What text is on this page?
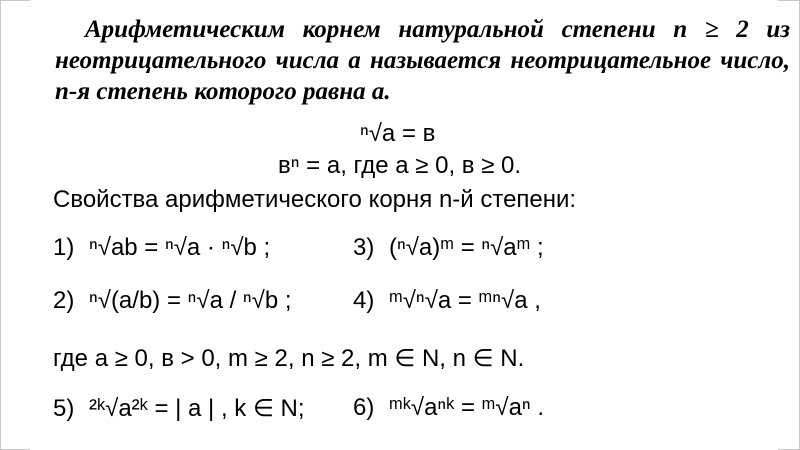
Арифметическим корнем натуральной степени n ≥ 2 из неотрицательного числа a называется неотрицательное число, n-я степень которого равна a.
ⁿ√a = в
вⁿ = a, где a ≥ 0, в ≥ 0.
Свойства арифметического корня n-й степени:
1) ⁿ√ab = ⁿ√a · ⁿ√b ;	3) (ⁿ√a)ᵐ = ⁿ√aᵐ ;
2) ⁿ√(a/b) = ⁿ√a / ⁿ√b ;	4) ᵐ√ⁿ√a = ᵐⁿ√a ,
где a ≥ 0, в > 0, m ≥ 2, n ≥ 2, m ∈ N, n ∈ N.
5) ²ᵏ√a²ᵏ = | a | , k ∈ N; 6) ᵐᵏ√aⁿᵏ = ᵐ√aⁿ .
